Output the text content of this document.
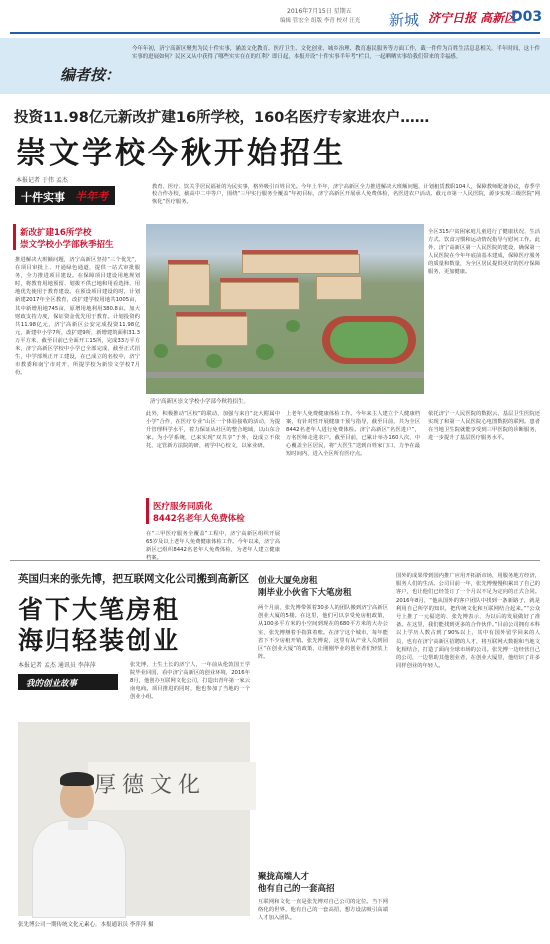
2016年7月15日 星期五
编辑 管宏全 组版 李青 校对 汪光 新城 济宁日报 高新区
D03
编者按：
今年年初，济宁高新区聚焦为民十件实事，涵盖文化教育、医疗卫生、文化创业、城乡治理、教育惠民服务等方面工作，截一件件为百姓生活息息相关。半年时间，这十件实事的进展如何？民区又从中获得了哪些实实在在的红利？即日起，本报开设“十件实事半年考”栏目，一起晒晒实事给我们带来的幸福感。
投资11.98亿元新改扩建16所学校，160名医疗专家进农户……
崇文学校今秋开始招生
本报记者 于伟 孟杰
十件实事 半年考
教育、医疗、饮关乎居民福祉的为民实事，格外吸引百姓目光。今年上半年，济宁高新区全力推进解决大班额问题，计划租赁教职104人，保障教师配备协议，春季学校合作办校，截高中二中等户，围绕“三甲实行服务全覆盖”年初目标，济宁高新区开展承人免费体检，名医进农户活动。截元市第一人民医院，源步实现三级医院“网恢化”医疗服务。
新改扩建16所学校
崇文学校小学部秋季招生
推进解决大班额问题，济宁高新区坚持“三个优先”，在项目审批上、开通绿色通道，提供一站式审批服务，全力推进项目建设。在保障项目建设用地规划时，将教育用地预留、划拨不供已地和用看选择，用地优先使用于教育建设。在预设项目建设的时，计划新建2017年全区教育，改扩建学校用地共1005亩，其中新增用地745亩，原增用地利用380.8亩。加大财政支持力度，保证资金优先用于教育。计划投资约共11.98亿元，济宁高新区公安完成投资11.98亿元，新建中小学7所，改扩建9所，新增建筑面积31.3万平方米，截至目前已全面开工15所，完成33万平方米，济宁高新区学校中小学已全部完成，截至正式招生，中学部规正开工建设，在已成立的名校中，济宁市教委和南宁市对开、所提学校为新崇文学校7月份。
济宁高新区崇文学校小学部今秋将招生。
此外，积极推动“区校”的联动，加强与来自“北大附属中小学”合作，在医疗专业“山区一个体验接收的活动，为提升管理科学水平，着力保证从社区的整合地域，以山东合家。为小学系统，已来实现“双共享”于外，设成立不依托，定管新方法院的研，初学中心校文，以家业研。
医疗服务同质化
8442名老年人免费体检
在“三甲医疗服务全覆盖”工程中，济宁高新区组织开展65岁及以上老年人免费健康体检工作。今年以来，济宁高新区已组织8442名老年人免费体检，为老年人建立健康档案。
上老年人免费健康体检工作。今年来主人建立个人健康档案，有针对性开展健康干预与指导，截至目前，共为全区8442名老年人进行免费体检。济宁高新区“名医进户”，万名医师走进农户。截至目前，已累计举办160人次，中心覆盖全区居民，将“大医生”送到百姓家门口，力争在最短时间内，进入全区所有医疗点。
全区315户贫困家庭儿童进行了健康状况、生活方式、饮食习惯和运动情况指导与慰问工作。此外，济宁高新区第一人民医院的建设，确保第一人民医院在今年年底前基本建成，保障医疗服务的质量和数量，为全区居民提供更好的医疗保障服务，更加健康。
依托济宁一人民医院的数据云，基层卫生医院还实现了和第一人民医院心电图数据的联网。患者在当地卫生院就能享受到三甲医院的诊断服务，进一步提升了基层医疗服务水平。
英国归来的张先博，把互联网文化公司搬到高新区
省下大笔房租
海归轻装创业
本报记者 孟杰 通讯员 李萍萍
我的创业故事
张先博，土生土长的济宁人，一年前从伦敦国王学院毕业回国，看中济宁高新区的创业环境，2016年8月，他创办互联网文化公司，打造出青年第一家云南电商。项目推进的同时，他也参加了当地的一个创业小组。
厚德文化
张先博公司一期传统文化元素心。本报通讯员 李萍萍 摄
创业大厦免房租
刚毕业小伙省下大笔房租
两个月前，张先博带领着30多人的团队搬到济宁高新区创业大厦的5楼。在这里，他们可以享受免房租政策，从100多平方米的小空间到现在的680平方米的大办公室，张先博掰着手指算着账。在济宁这个城市，每年能省下不少房租开销。张先博说，这里有从产业人员到园区“在创业大厦”的政策，让刚刚毕业的创业者们轻装上阵。
聚拢高端人才
他有自己的一套高招
互联网和文化一直是张先博对自己公司的定位。当下网络化的世界，他有自己的一套高招，想方设法吸引高端人才加入团队。
国外的成果带到国内推广应用开拓新市场，用服务地方经济，服务人们的生活。公司目前一年，张先博慢慢积累出了自己的客户，也让他们已经签订了一个月以不足为定向的正式合同。2016年8月，“他从国外的客户团队中找到一条新路子，就是利用自己所学的知识，把传统文化和互联网结合起来。”“公众号上推了一元福送的、张先博表示，为以后的发展做好了准备。在这里，我们能找到更多的合作伙伴。”目前公司拥有本科以上学历人数占到了90%以上，其中有国外留学回来的人员，也有在济宁高新区招聘的人才，将互联网大数据和当地文化相结合，打造了面向全球市场的公司。张先博一边经营自己的公司，一边帮助其他创业者，在创业大厦里，他结识了许多同样创业的年轻人。
